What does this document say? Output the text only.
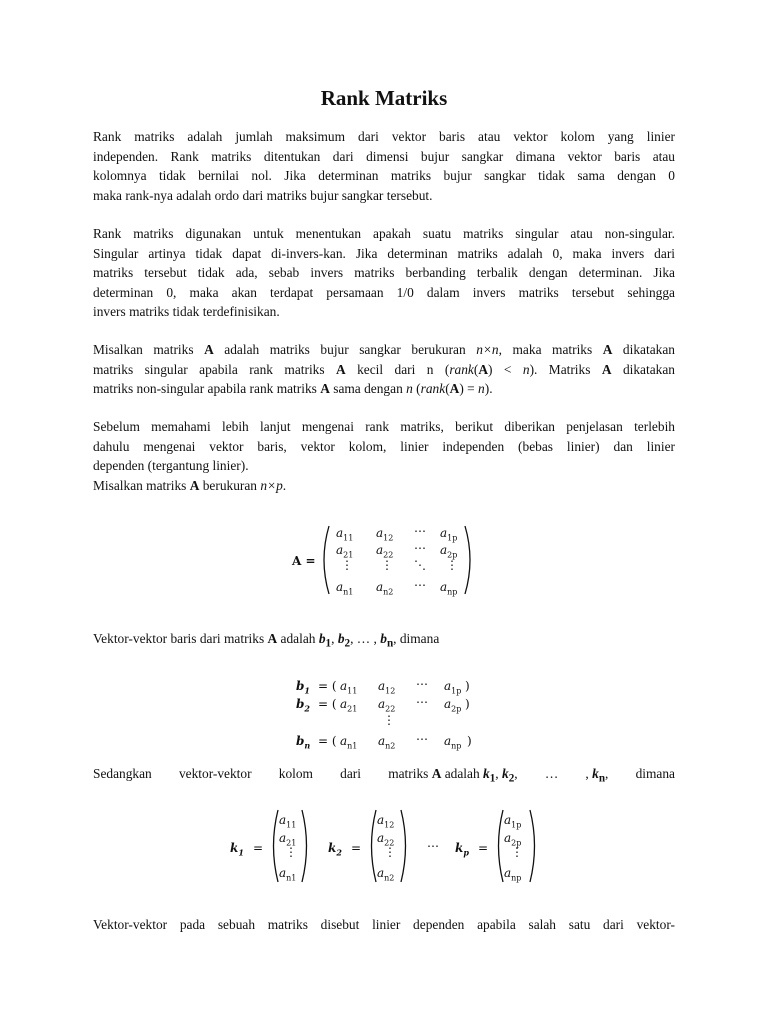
Rank Matriks
Rank matriks adalah jumlah maksimum dari vektor baris atau vektor kolom yang linier
independen. Rank matriks ditentukan dari dimensi bujur sangkar dimana vektor baris atau
kolomnya tidak bernilai nol. Jika determinan matriks bujur sangkar tidak sama dengan 0
maka rank-nya adalah ordo dari matriks bujur sangkar tersebut.
Rank matriks digunakan untuk menentukan apakah suatu matriks singular atau non-singular.
Singular artinya tidak dapat di-invers-kan. Jika determinan matriks adalah 0, maka invers dari
matriks tersebut tidak ada, sebab invers matriks berbanding terbalik dengan determinan. Jika
determinan 0, maka akan terdapat persamaan 1/0 dalam invers matriks tersebut sehingga
invers matriks tidak terdefinisikan.
Misalkan matriks A adalah matriks bujur sangkar berukuran n×n, maka matriks A dikatakan
matriks singular apabila rank matriks A kecil dari n (rank(A) < n). Matriks A dikatakan
matriks non-singular apabila rank matriks A sama dengan n (rank(A) = n).
Sebelum memahami lebih lanjut mengenai rank matriks, berikut diberikan penjelasan terlebih
dahulu mengenai vektor baris, vektor kolom, linier independen (bebas linier) dan linier
dependen (tergantung linier).
Misalkan matriks A berukuran n×p.
A =
$a_{11}$ $a_{12}$ ⋯ $a_{1p}$
$a_{21}$ $a_{22}$ ⋯ $a_{2p}$
⋮ ⋮ ⋱ ⋮
$a_{n1}$ $a_{n2}$ ⋯ $a_{np}$
Vektor-vektor baris dari matriks A adalah $b_1$, $b_2$, … , $b_n$, dimana
$b_1$ = ( $a_{11}$ $a_{12}$ ⋯ $a_{1p}$ )
$b_2$ = ( $a_{21}$ $a_{22}$ ⋯ $a_{2p}$ )
⋮
$b_n$ = ( $a_{n1}$ $a_{n2}$ ⋯ $a_{np}$ )
Sedangkan vektor-vektor kolom dari matriks A adalah $k_1$, $k_2$, … , $k_n$, dimana
$k_1$ =
$a_{11}$
$a_{21}$
⋮
$a_{n1}$
$k_2$ =
$a_{12}$
$a_{22}$
⋮
$a_{n2}$
⋯ $k_p$ =
$a_{1p}$
$a_{2p}$
⋮
$a_{np}$
Vektor-vektor pada sebuah matriks disebut linier dependen apabila salah satu dari vektor-
